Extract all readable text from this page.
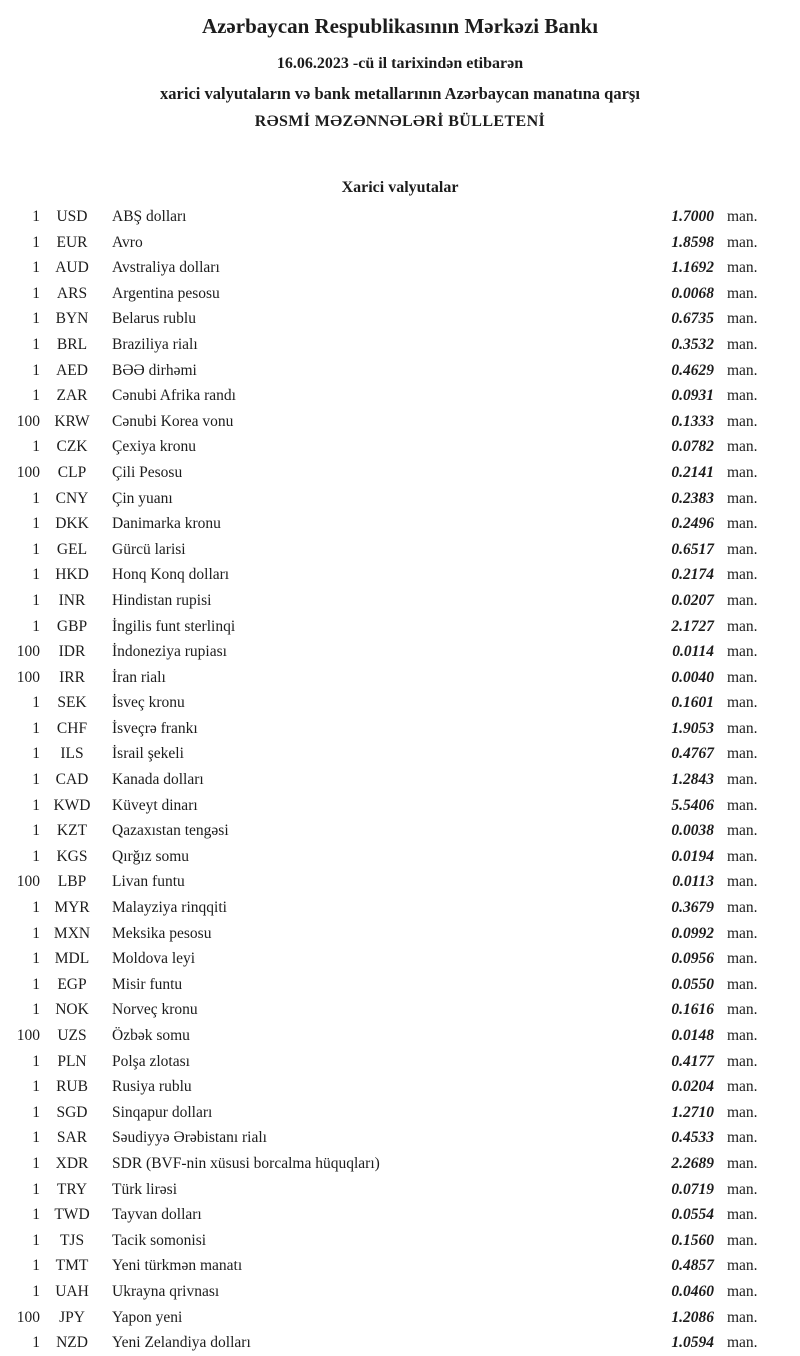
Azərbaycan Respublikasının Mərkəzi Bankı
16.06.2023 -cü il tarixindən etibarən
xarici valyutaların və bank metallarının Azərbaycan manatına qarşı
RƏSMİ MƏZƏNNƏLƏRİ BÜLLETENİ
Xarici valyutalar
1	USD	ABŞ dolları	1.7000 man.
1	EUR	Avro	1.8598 man.
1 AUD	Avstraliya dolları	1.1692 man.
1	ARS	Argentina pesosu	0.0068 man.
1	BYN	Belarus rublu	0.6735 man.
1	BRL	Braziliya rialı	0.3532 man.
1	AED	BƏƏ dirhəmi	0.4629 man.
1	ZAR	Cənubi Afrika randı	0.0931 man.
100 KRW	Cənubi Korea vonu	0.1333 man.
1	CZK	Çexiya kronu	0.0782 man.
100	CLP	Çili Pesosu	0.2141 man.
1	CNY	Çin yuanı	0.2383 man.
1 DKK	Danimarka kronu	0.2496 man.
1	GEL	Gürcü larisi	0.6517 man.
1 HKD	Honq Konq dolları	0.2174 man.
1	INR	Hindistan rupisi	0.0207 man.
1	GBP	İngilis funt sterlinqi	2.1727 man.
100	IDR	İndoneziya rupiası	0.0114 man.
100	IRR	İran rialı	0.0040 man.
1	SEK	İsveç kronu	0.1601 man.
1	CHF	İsveçrə frankı	1.9053 man.
1	ILS	İsrail şekeli	0.4767 man.
1	CAD	Kanada dolları	1.2843 man.
1 KWD	Küveyt dinarı	5.5406 man.
1	KZT	Qazaxıstan tengəsi	0.0038 man.
1	KGS	Qırğız somu	0.0194 man.
100	LBP	Livan funtu	0.0113 man.
1 MYR	Malayziya rinqqiti	0.3679 man.
1 MXN	Meksika pesosu	0.0992 man.
1 MDL	Moldova leyi	0.0956 man.
1	EGP	Misir funtu	0.0550 man.
1 NOK	Norveç kronu	0.1616 man.
100	UZS	Özbək somu	0.0148 man.
1	PLN	Polşa zlotası	0.4177 man.
1	RUB	Rusiya rublu	0.0204 man.
1	SGD	Sinqapur dolları	1.2710 man.
1	SAR	Səudiyyə Ərəbistanı rialı	0.4533 man.
1	XDR	SDR (BVF-nin xüsusi borcalma hüquqları)	2.2689 man.
1	TRY	Türk lirəsi	0.0719 man.
1 TWD	Tayvan dolları	0.0554 man.
1	TJS	Tacik somonisi	0.1560 man.
1	TMT	Yeni türkmən manatı	0.4857 man.
1 UAH	Ukrayna qrivnası	0.0460 man.
100	JPY	Yapon yeni	1.2086 man.
1	NZD	Yeni Zelandiya dolları	1.0594 man.
